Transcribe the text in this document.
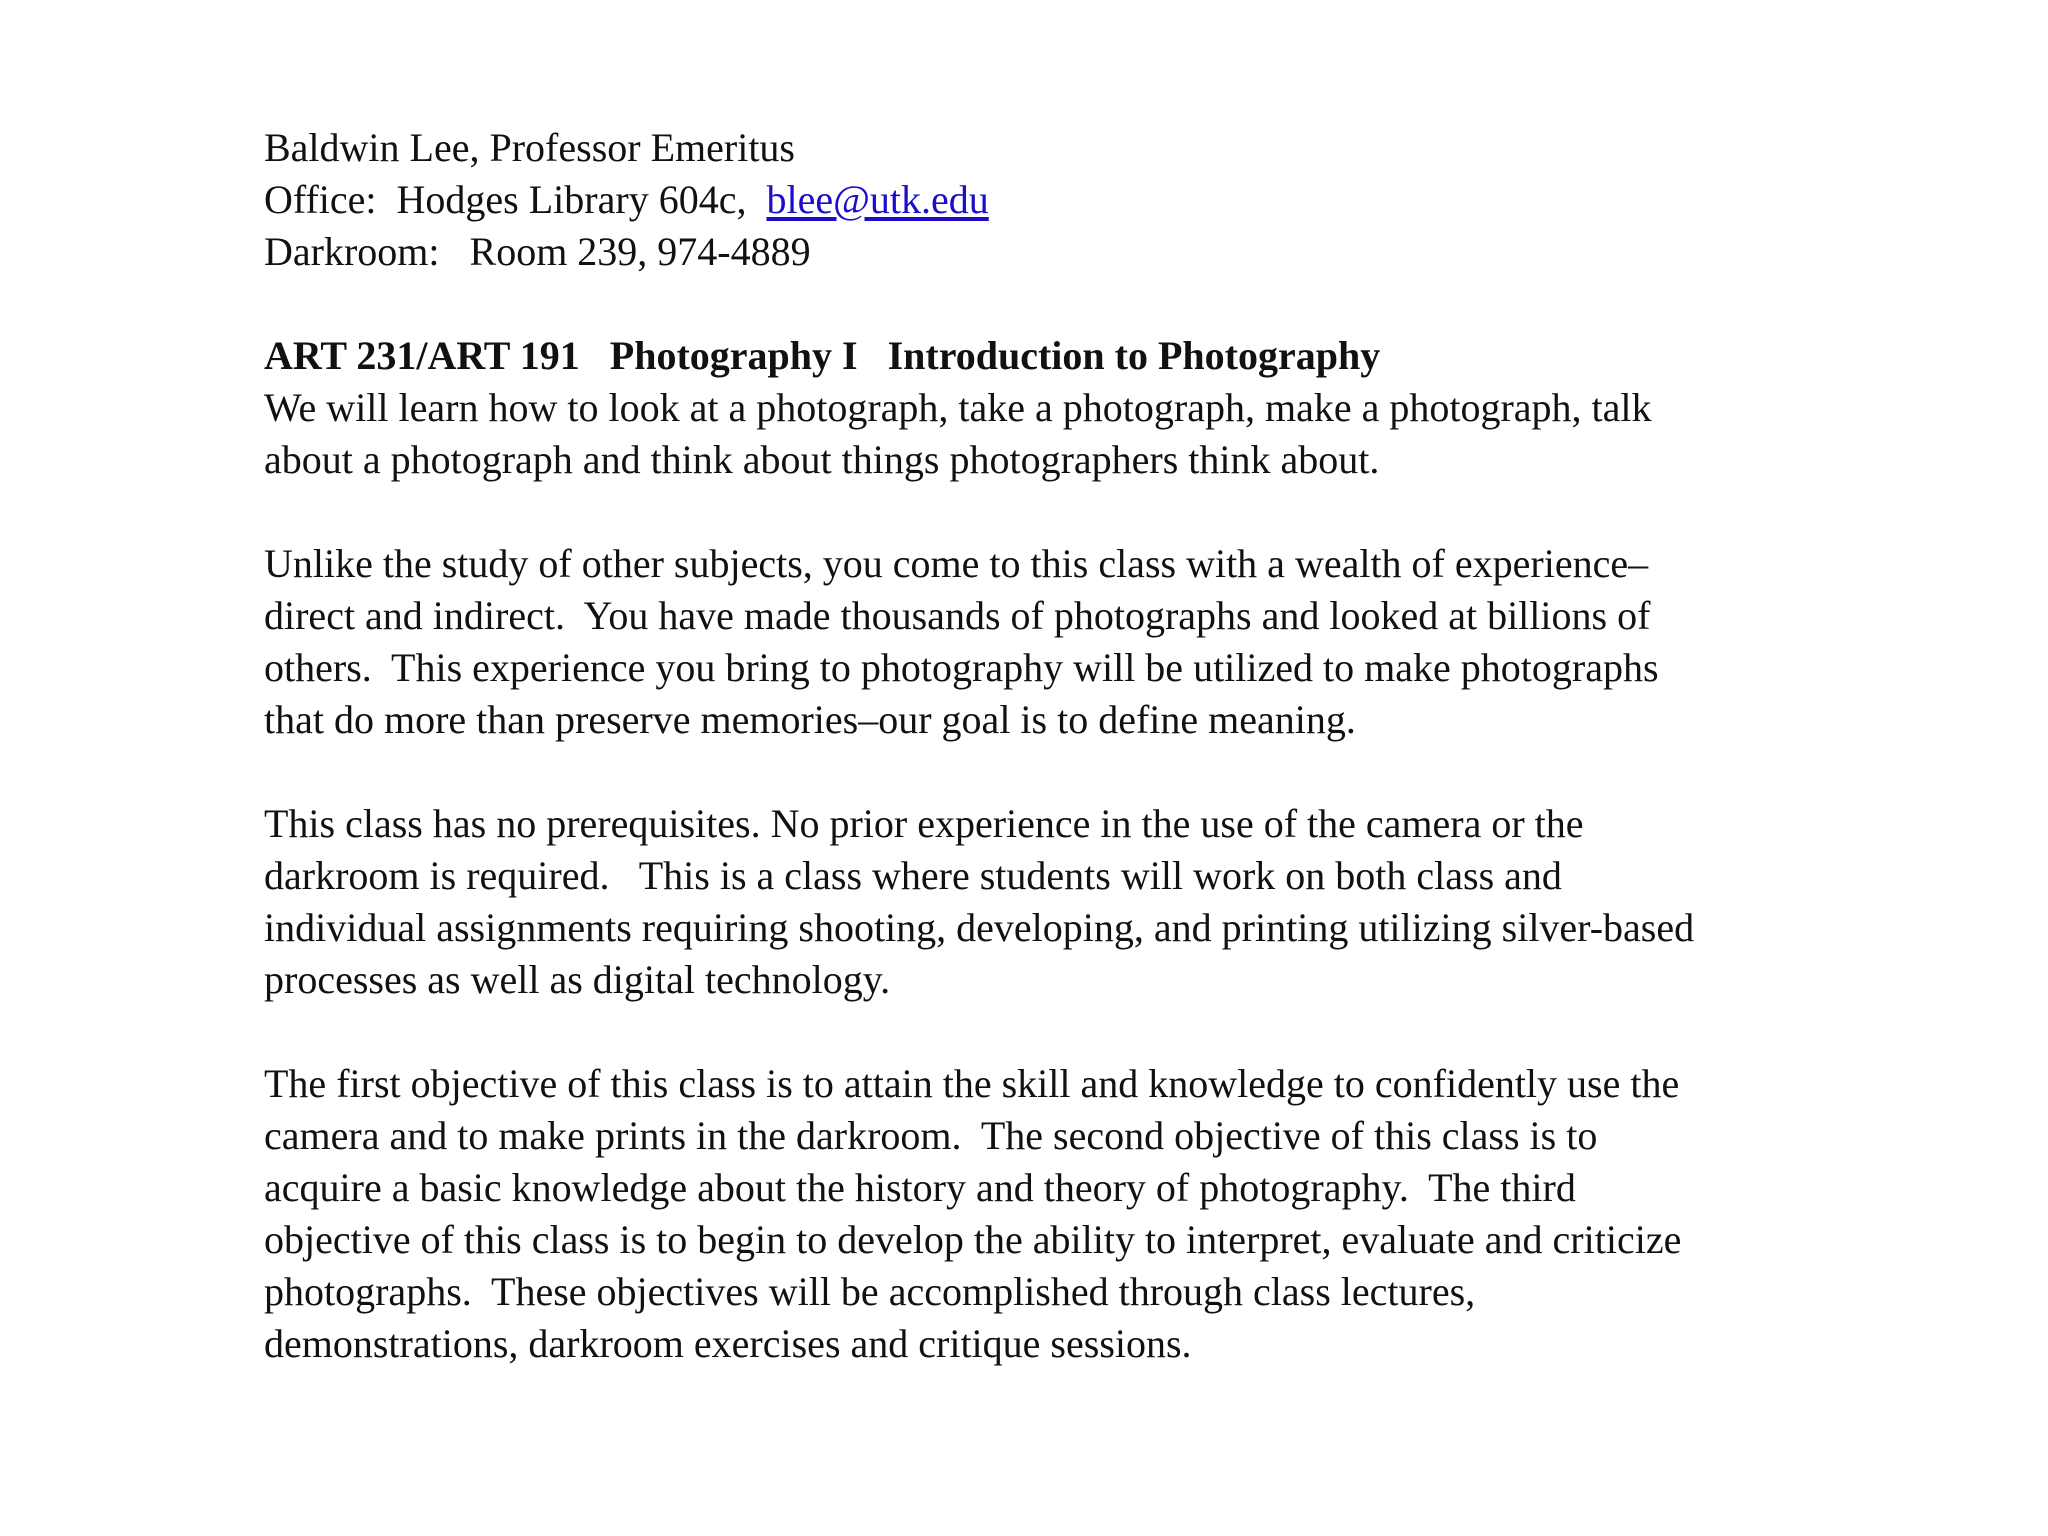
Baldwin Lee, Professor Emeritus
Office:  Hodges Library 604c,  blee@utk.edu
Darkroom:   Room 239, 974-4889
ART 231/ART 191   Photography I   Introduction to Photography
We will learn how to look at a photograph, take a photograph, make a photograph, talk
about a photograph and think about things photographers think about.
Unlike the study of other subjects, you come to this class with a wealth of experience–
direct and indirect.  You have made thousands of photographs and looked at billions of
others.  This experience you bring to photography will be utilized to make photographs
that do more than preserve memories–our goal is to define meaning.
This class has no prerequisites. No prior experience in the use of the camera or the
darkroom is required.   This is a class where students will work on both class and
individual assignments requiring shooting, developing, and printing utilizing silver-based
processes as well as digital technology.
The first objective of this class is to attain the skill and knowledge to confidently use the
camera and to make prints in the darkroom.  The second objective of this class is to
acquire a basic knowledge about the history and theory of photography.  The third
objective of this class is to begin to develop the ability to interpret, evaluate and criticize
photographs.  These objectives will be accomplished through class lectures,
demonstrations, darkroom exercises and critique sessions.
